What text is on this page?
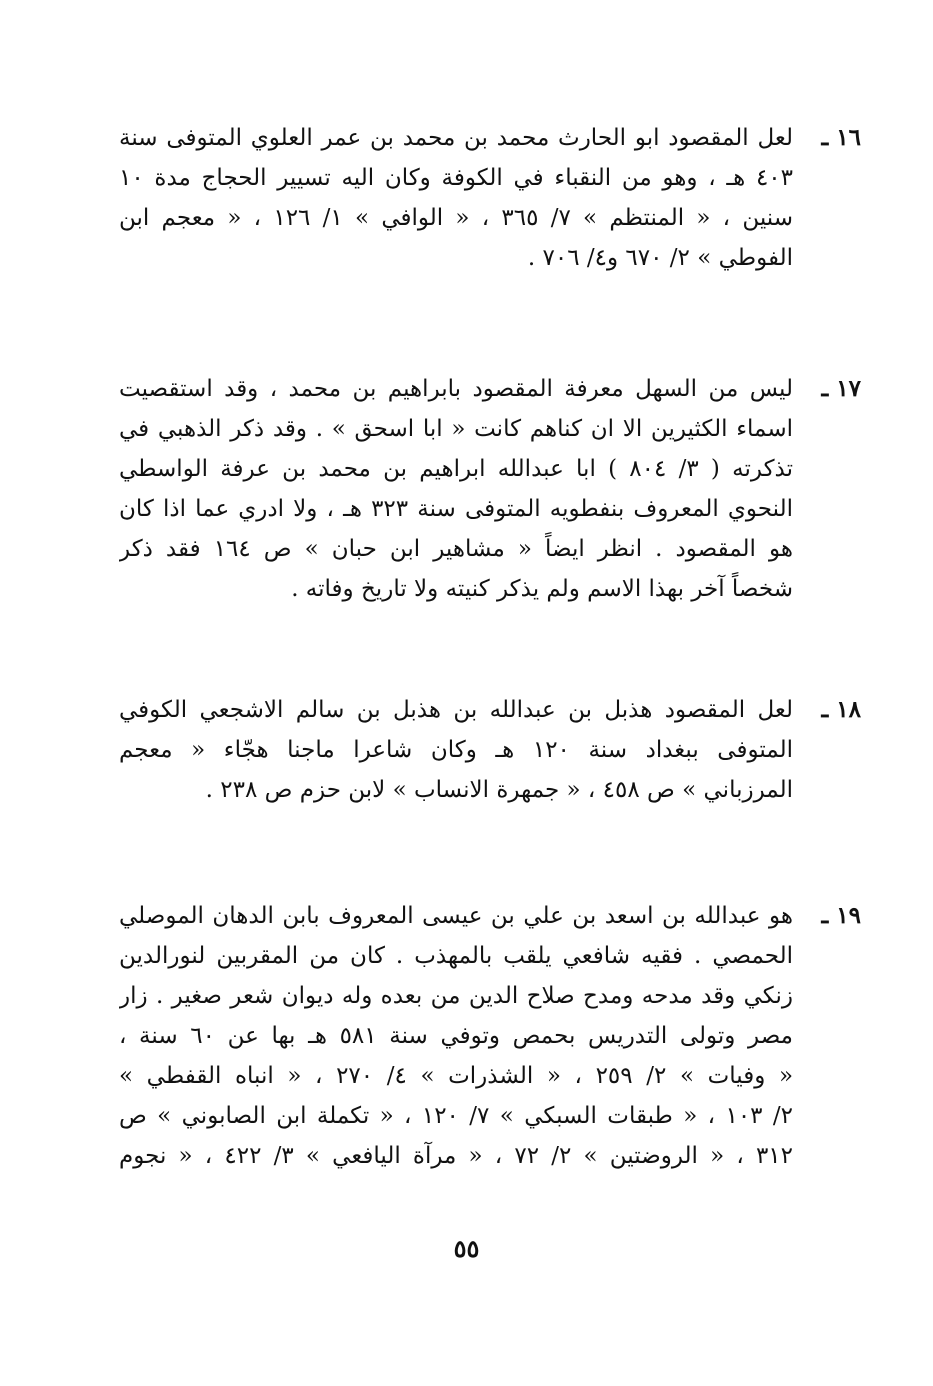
١٦ ـ
لعل المقصود ابو الحارث محمد بن محمد بن عمر العلوي المتوفى سنة
٤٠٣ هـ ، وهو من النقباء في الكوفة وكان اليه تسيير الحجاج مدة ١٠
سنين ، « المنتظم » ٧/ ٣٦٥ ، « الوافي » ١/ ١٢٦ ، « معجم ابن
الفوطي » ٢/ ٦٧٠ و٤/ ٧٠٦ .
١٧ ـ
ليس من السهل معرفة المقصود بابراهيم بن محمد ، وقد استقصيت
اسماء الكثيرين الا ان كناهم كانت « ابا اسحق » . وقد ذكر الذهبي في
تذكرته ( ٣/ ٨٠٤ ) ابا عبدالله ابراهيم بن محمد بن عرفة الواسطي
النحوي المعروف بنفطويه المتوفى سنة ٣٢٣ هـ ، ولا ادري عما اذا كان
هو المقصود . انظر ايضاً « مشاهير ابن حبان » ص ١٦٤ فقد ذكر
شخصاً آخر بهذا الاسم ولم يذكر كنيته ولا تاريخ وفاته .
١٨ ـ
لعل المقصود هذبل بن عبدالله بن هذبل بن سالم الاشجعي الكوفي
المتوفى ببغداد سنة ١٢٠ هـ وكان شاعرا ماجنا هجّاء « معجم
المرزباني » ص ٤٥٨ ، « جمهرة الانساب » لابن حزم ص ٢٣٨ .
١٩ ـ
هو عبدالله بن اسعد بن علي بن عيسى المعروف بابن الدهان الموصلي
الحمصي . فقيه شافعي يلقب بالمهذب . كان من المقربين لنورالدين
زنكي وقد مدحه ومدح صلاح الدين من بعده وله ديوان شعر صغير . زار
مصر وتولى التدريس بحمص وتوفي سنة ٥٨١ هـ بها عن ٦٠ سنة ،
« وفيات » ٢/ ٢٥٩ ، « الشذرات » ٤/ ٢٧٠ ، « انباه القفطي »
٢/ ١٠٣ ، « طبقات السبكي » ٧/ ١٢٠ ، « تكملة ابن الصابوني » ص
٣١٢ ، « الروضتين » ٢/ ٧٢ ، « مرآة اليافعي » ٣/ ٤٢٢ ، « نجوم
٥٥
